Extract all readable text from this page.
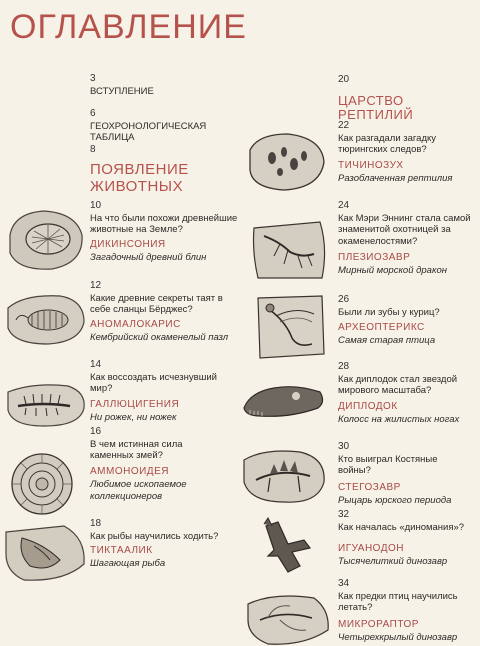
ОГЛАВЛЕНИЕ
3
ВСТУПЛЕНИЕ
6
ГЕОХРОНОЛОГИЧЕСКАЯ ТАБЛИЦА
8
ПОЯВЛЕНИЕ ЖИВОТНЫХ
10
На что были похожи древнейшие животные на Земле?
ДИКИНСОНИЯ
Загадочный древний блин
12
Какие древние секреты таят в себе сланцы Бёрджес?
АНОМАЛОКАРИС
Кембрийский окаменелый пазл
14
Как воссоздать исчезнувший мир?
ГАЛЛЮЦИГЕНИЯ
Ни рожек, ни ножек
16
В чем истинная сила каменных змей?
АММОНОИДЕЯ
Любимое ископаемое коллекционеров
18
Как рыбы научились ходить?
ТИКТААЛИК
Шагающая рыба
20
ЦАРСТВО РЕПТИЛИЙ
22
Как разгадали загадку тюрингских следов?
ТИЧИНОЗУХ
Разоблаченная рептилия
24
Как Мэри Эннинг стала самой знаменитой охотницей за окаменелостями?
ПЛЕЗИОЗАВР
Мирный морской дракон
26
Были ли зубы у куриц?
АРХЕОПТЕРИКС
Самая старая птица
28
Как диплодок стал звездой мирового масштаба?
ДИПЛОДОК
Колосс на жилистых ногах
30
Кто выиграл Костяные войны?
СТЕГОЗАВР
Рыцарь юрского периода
32
Как началась «диномания»?
ИГУАНОДОН
Тысячелиткий динозавр
34
Как предки птиц научились летать?
МИКРОРАПТОР
Четырехкрылый динозавр
